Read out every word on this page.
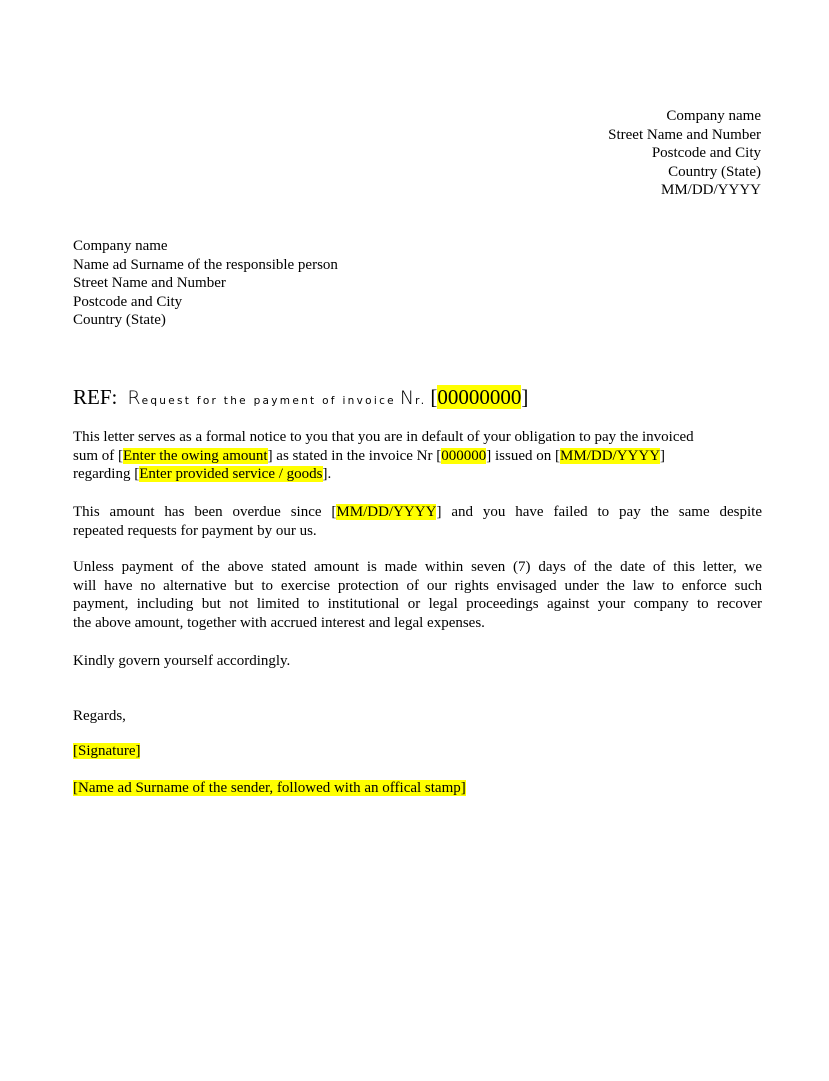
Company name
Street Name and Number
Postcode and City
Country (State)
MM/DD/YYYY
Company name
Name ad Surname of the responsible person
Street Name and Number
Postcode and City
Country (State)
REF: Request for the payment of invoice Nr. [00000000]
This letter serves as a formal notice to you that you are in default of your obligation to pay the invoiced
sum of [Enter the owing amount] as stated in the invoice Nr [000000] issued on [MM/DD/YYYY]
regarding [Enter provided service / goods].
This amount has been overdue since [MM/DD/YYYY] and you have failed to pay the same despite
repeated requests for payment by our us.
Unless payment of the above stated amount is made within seven (7) days of the date of this letter, we
will have no alternative but to exercise protection of our rights envisaged under the law to enforce such
payment, including but not limited to institutional or legal proceedings against your company to recover
the above amount, together with accrued interest and legal expenses.
Kindly govern yourself accordingly.
Regards,
[Signature]
[Name ad Surname of the sender, followed with an offical stamp]
